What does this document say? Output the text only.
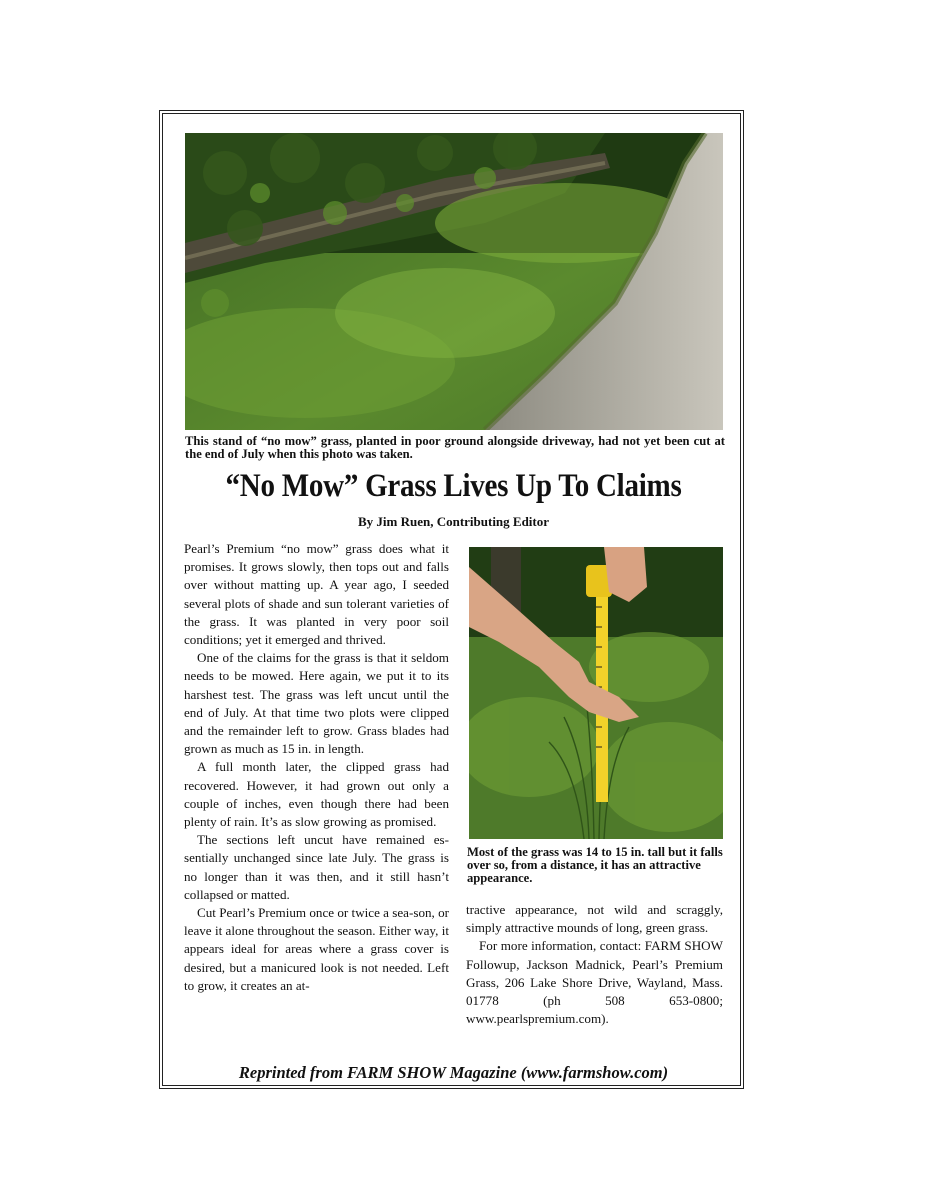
This stand of “no mow” grass, planted in poor ground alongside driveway, had not yet been cut at the end of July when this photo was taken.
“No Mow” Grass Lives Up To Claims
By Jim Ruen, Contributing Editor

Pearl’s Premium “no mow” grass does what it promises. It grows slowly, then tops out and falls over without matting up. A year ago, I seeded several plots of shade and sun tolerant varieties of the grass. It was planted in very poor soil conditions; yet it emerged and thrived.

One of the claims for the grass is that it seldom needs to be mowed. Here again, we put it to its harshest test. The grass was left uncut until the end of July. At that time two plots were clipped and the remainder left to grow. Grass blades had grown as much as 15 in. in length.

A full month later, the clipped grass had recovered. However, it had grown out only a couple of inches, even though there had been plenty of rain. It’s as slow growing as promised.

The sections left uncut have remained es-sentially unchanged since late July. The grass is no longer than it was then, and it still hasn’t collapsed or matted.

Cut Pearl’s Premium once or twice a sea-son, or leave it alone throughout the season. Either way, it appears ideal for areas where a grass cover is desired, but a manicured look is not needed. Left to grow, it creates an at-

Most of the grass was 14 to 15 in. tall but it falls over so, from a distance, it has an attractive appearance.

tractive appearance, not wild and scraggly, simply attractive mounds of long, green grass.

For more information, contact: FARM SHOW Followup, Jackson Madnick, Pearl’s Premium Grass, 206 Lake Shore Drive, Wayland, Mass. 01778 (ph 508 653-0800; www.pearlspremium.com).

Reprinted from FARM SHOW Magazine (www.farmshow.com)
